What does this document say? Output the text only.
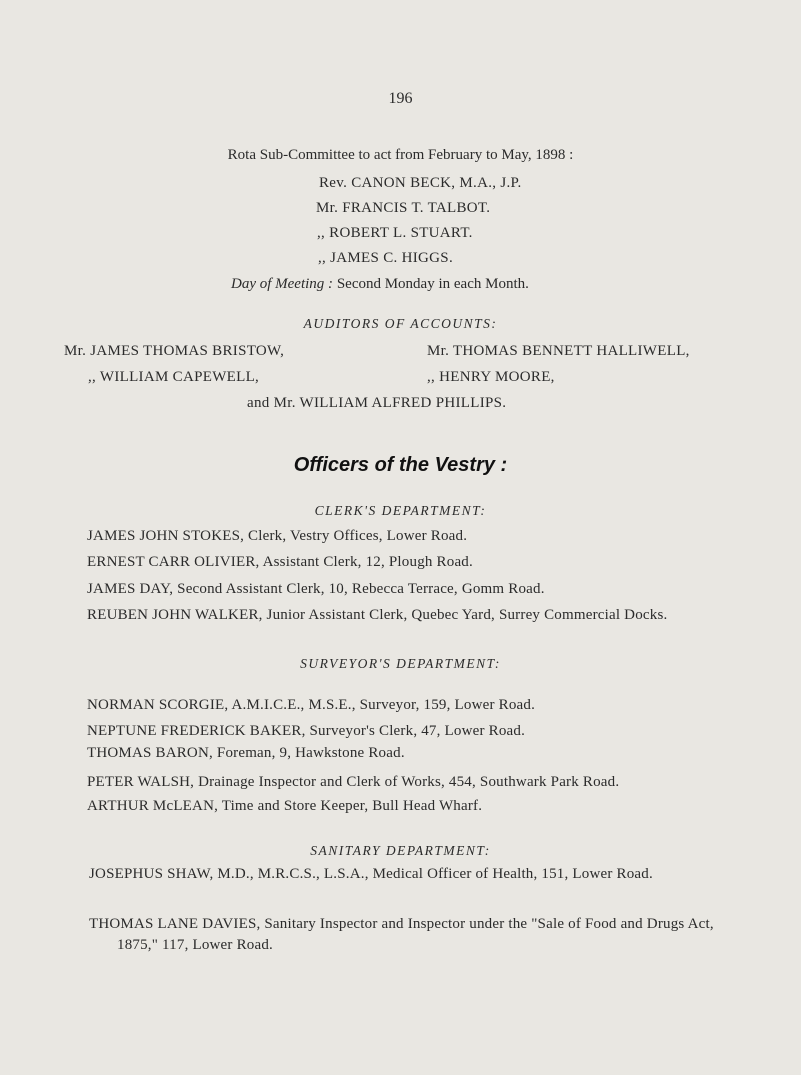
196
Rota Sub-Committee to act from February to May, 1898 :
Rev. CANON BECK, M.A., J.P.
Mr. FRANCIS T. TALBOT.
,, ROBERT L. STUART.
,, JAMES C. HIGGS.
Day of Meeting : Second Monday in each Month.
AUDITORS OF ACCOUNTS:
Mr. JAMES THOMAS BRISTOW,	Mr. THOMAS BENNETT HALLIWELL,
,, WILLIAM CAPEWELL,	,, HENRY MOORE,
and Mr. WILLIAM ALFRED PHILLIPS.
Officers of the Vestry :
CLERK'S DEPARTMENT:
JAMES JOHN STOKES, Clerk, Vestry Offices, Lower Road.
ERNEST CARR OLIVIER, Assistant Clerk, 12, Plough Road.
JAMES DAY, Second Assistant Clerk, 10, Rebecca Terrace, Gomm Road.
REUBEN JOHN WALKER, Junior Assistant Clerk, Quebec Yard, Surrey Commercial Docks.
SURVEYOR'S DEPARTMENT:
NORMAN SCORGIE, A.M.I.C.E., M.S.E., Surveyor, 159, Lower Road.
NEPTUNE FREDERICK BAKER, Surveyor's Clerk, 47, Lower Road.
THOMAS BARON, Foreman, 9, Hawkstone Road.
PETER WALSH, Drainage Inspector and Clerk of Works, 454, Southwark Park Road.
ARTHUR McLEAN, Time and Store Keeper, Bull Head Wharf.
SANITARY DEPARTMENT:
JOSEPHUS SHAW, M.D., M.R.C.S., L.S.A., Medical Officer of Health, 151, Lower Road.
THOMAS LANE DAVIES, Sanitary Inspector and Inspector under the "Sale of Food and Drugs Act, 1875," 117, Lower Road.
